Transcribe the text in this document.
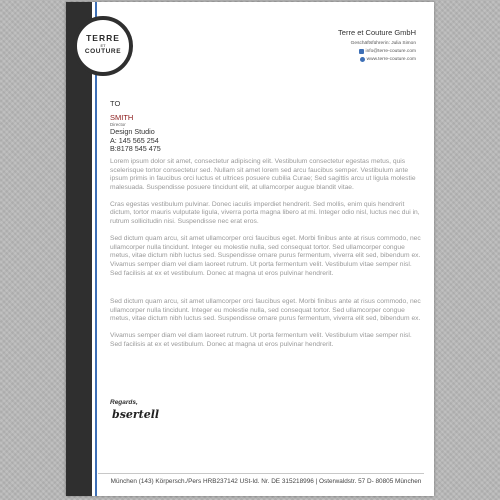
TERRE
ET
COUTURE
Terre et Couture GmbH
Geschäftsführerin: Julia Simon
info@terre-couture.com
www.terre-couture.com
TO
SMITH
Director
Design Studio
A: 145 565 254
B:8178 545 475

Lorem ipsum dolor sit amet, consectetur adipiscing elit. Vestibulum consectetur egestas metus, quis scelerisque tortor consectetur sed. Nullam sit amet lorem sed arcu faucibus semper. Vestibulum ante ipsum primis in faucibus orci luctus et ultrices posuere cubilia Curae; Sed sagittis arcu ut ligula molestie malesuada. Suspendisse posuere tincidunt elit, at ullamcorper augue blandit vitae.

Cras egestas vestibulum pulvinar. Donec iaculis imperdiet hendrerit. Sed mollis, enim quis hendrerit dictum, tortor mauris vulputate ligula, viverra porta magna libero at mi. Integer odio nisl, luctus nec dui in, rutrum sollicitudin nisi. Suspendisse nec erat eros.

Sed dictum quam arcu, sit amet ullamcorper orci faucibus eget. Morbi finibus ante at risus commodo, nec ullamcorper nulla tincidunt. Integer eu molestie nulla, sed consequat tortor. Sed ullamcorper congue metus, vitae dictum nibh luctus sed. Suspendisse ornare purus fermentum, viverra elit sed, bibendum ex. Vivamus semper diam vel diam laoreet rutrum. Ut porta fermentum velit. Vestibulum vitae semper nisl. Sed facilisis at ex et vestibulum. Donec at magna ut eros pulvinar hendrerit.

Sed dictum quam arcu, sit amet ullamcorper orci faucibus eget. Morbi finibus ante at risus commodo, nec ullamcorper nulla tincidunt. Integer eu molestie nulla, sed consequat tortor. Sed ullamcorper congue metus, vitae dictum nibh luctus sed. Suspendisse ornare purus fermentum, viverra elit sed, bibendum ex.

Vivamus semper diam vel diam laoreet rutrum. Ut porta fermentum velit. Vestibulum vitae semper nisl. Sed facilisis at ex et vestibulum. Donec at magna ut eros pulvinar hendrerit.

Regards,
bsertell
München (143) Körpersch./Pers HRB237142 USt-Id. Nr. DE 315218996 | Osterwaldstr. 57 D- 80805 München
